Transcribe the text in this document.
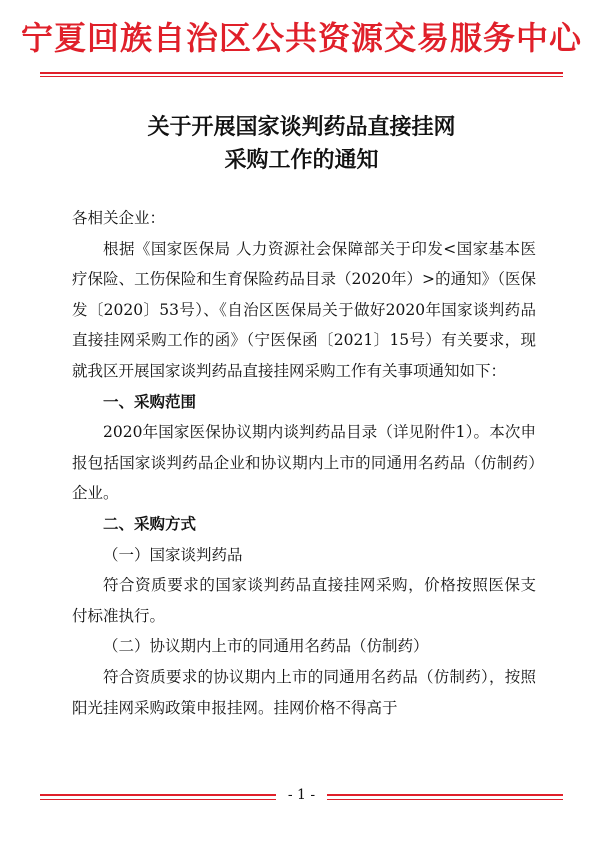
宁夏回族自治区公共资源交易服务中心
关于开展国家谈判药品直接挂网
采购工作的通知

各相关企业：

根据《国家医保局 人力资源社会保障部关于印发<国家基本医疗保险、工伤保险和生育保险药品目录（2020年）>的通知》（医保发〔2020〕53号）、《自治区医保局关于做好2020年国家谈判药品直接挂网采购工作的函》（宁医保函〔2021〕15号）有关要求，现就我区开展国家谈判药品直接挂网采购工作有关事项通知如下：

一、采购范围

2020年国家医保协议期内谈判药品目录（详见附件1）。本次申报包括国家谈判药品企业和协议期内上市的同通用名药品（仿制药）企业。

二、采购方式

（一）国家谈判药品

符合资质要求的国家谈判药品直接挂网采购，价格按照医保支付标准执行。

（二）协议期内上市的同通用名药品（仿制药）

符合资质要求的协议期内上市的同通用名药品（仿制药），按照阳光挂网采购政策申报挂网。挂网价格不得高于

- 1 -
